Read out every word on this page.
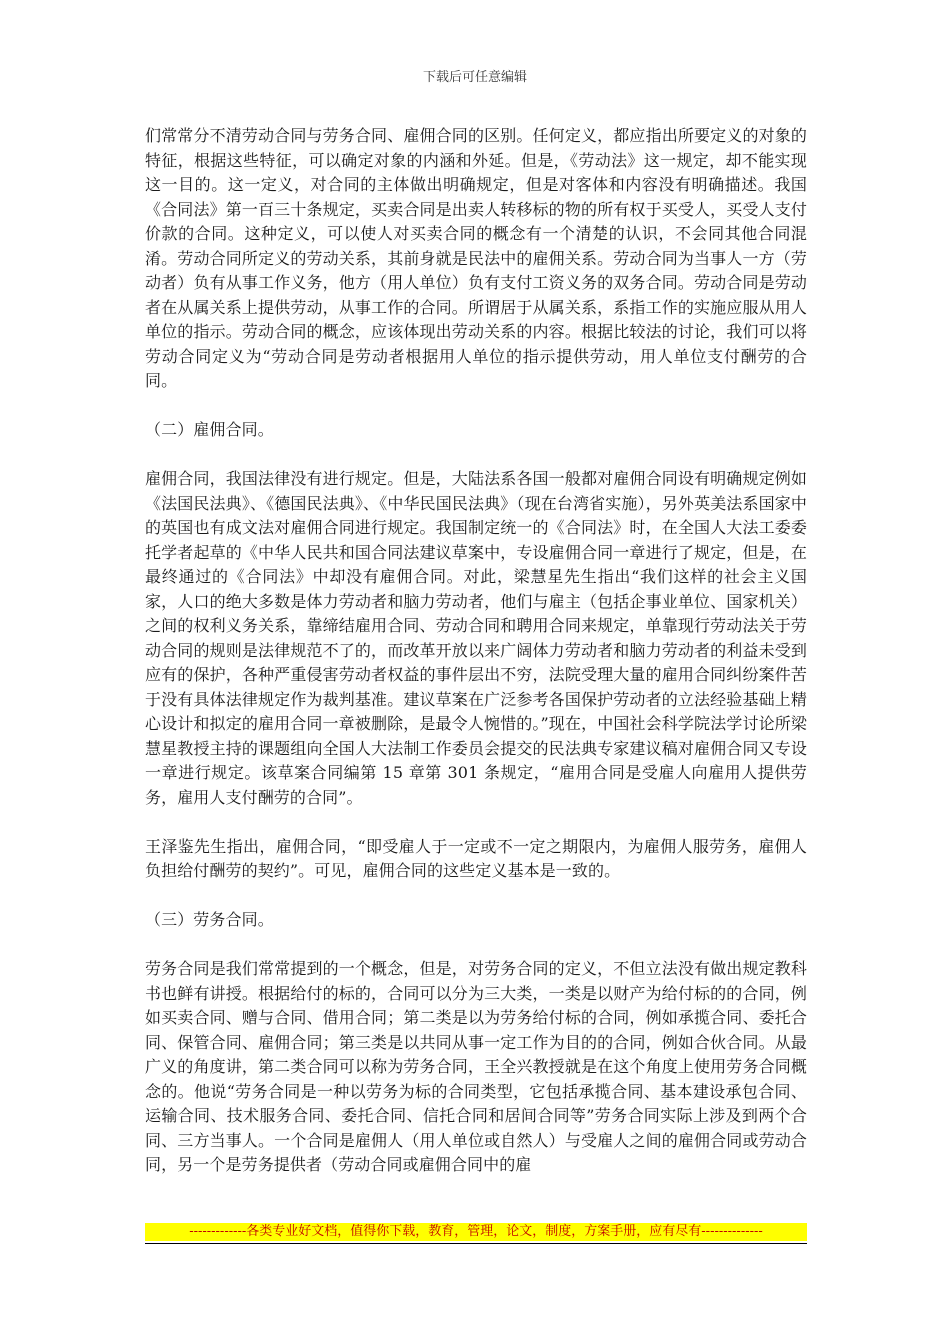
下载后可任意编辑

们常常分不清劳动合同与劳务合同、雇佣合同的区别。任何定义，都应指出所要定义的对象的特征，根据这些特征，可以确定对象的内涵和外延。但是，《劳动法》这一规定，却不能实现这一目的。这一定义，对合同的主体做出明确规定，但是对客体和内容没有明确描述。我国《合同法》第一百三十条规定，买卖合同是出卖人转移标的物的所有权于买受人，买受人支付价款的合同。这种定义，可以使人对买卖合同的概念有一个清楚的认识，不会同其他合同混淆。劳动合同所定义的劳动关系，其前身就是民法中的雇佣关系。劳动合同为当事人一方（劳动者）负有从事工作义务，他方（用人单位）负有支付工资义务的双务合同。劳动合同是劳动者在从属关系上提供劳动，从事工作的合同。所谓居于从属关系，系指工作的实施应服从用人单位的指示。劳动合同的概念，应该体现出劳动关系的内容。根据比较法的讨论，我们可以将劳动合同定义为“劳动合同是劳动者根据用人单位的指示提供劳动，用人单位支付酬劳的合同。

（二）雇佣合同。

雇佣合同，我国法律没有进行规定。但是，大陆法系各国一般都对雇佣合同设有明确规定例如《法国民法典》、《德国民法典》、《中华民国民法典》（现在台湾省实施），另外英美法系国家中的英国也有成文法对雇佣合同进行规定。我国制定统一的《合同法》时，在全国人大法工委委托学者起草的《中华人民共和国合同法建议草案中，专设雇佣合同一章进行了规定，但是，在最终通过的《合同法》中却没有雇佣合同。对此，梁慧星先生指出“我们这样的社会主义国家，人口的绝大多数是体力劳动者和脑力劳动者，他们与雇主（包括企事业单位、国家机关）之间的权利义务关系，靠缔结雇用合同、劳动合同和聘用合同来规定，单靠现行劳动法关于劳动合同的规则是法律规范不了的，而改革开放以来广阔体力劳动者和脑力劳动者的利益未受到应有的保护，各种严重侵害劳动者权益的事件层出不穷，法院受理大量的雇用合同纠纷案件苦于没有具体法律规定作为裁判基准。建议草案在广泛参考各国保护劳动者的立法经验基础上精心设计和拟定的雇用合同一章被删除，是最令人惋惜的。”现在，中国社会科学院法学讨论所梁慧星教授主持的课题组向全国人大法制工作委员会提交的民法典专家建议稿对雇佣合同又专设一章进行规定。该草案合同编第 15 章第 301 条规定，“雇用合同是受雇人向雇用人提供劳务，雇用人支付酬劳的合同”。

王泽鉴先生指出，雇佣合同，“即受雇人于一定或不一定之期限内，为雇佣人服劳务，雇佣人负担给付酬劳的契约”。可见，雇佣合同的这些定义基本是一致的。

（三）劳务合同。

劳务合同是我们常常提到的一个概念，但是，对劳务合同的定义，不但立法没有做出规定教科书也鲜有讲授。根据给付的标的，合同可以分为三大类，一类是以财产为给付标的的合同，例如买卖合同、赠与合同、借用合同；第二类是以为劳务给付标的合同，例如承揽合同、委托合同、保管合同、雇佣合同；第三类是以共同从事一定工作为目的的合同，例如合伙合同。从最广义的角度讲，第二类合同可以称为劳务合同，王全兴教授就是在这个角度上使用劳务合同概念的。他说“劳务合同是一种以劳务为标的合同类型，它包括承揽合同、基本建设承包合同、运输合同、技术服务合同、委托合同、信托合同和居间合同等”劳务合同实际上涉及到两个合同、三方当事人。一个合同是雇佣人（用人单位或自然人）与受雇人之间的雇佣合同或劳动合同，另一个是劳务提供者（劳动合同或雇佣合同中的雇

-------------各类专业好文档，值得你下载，教育，管理，论文，制度，方案手册，应有尽有--------------
